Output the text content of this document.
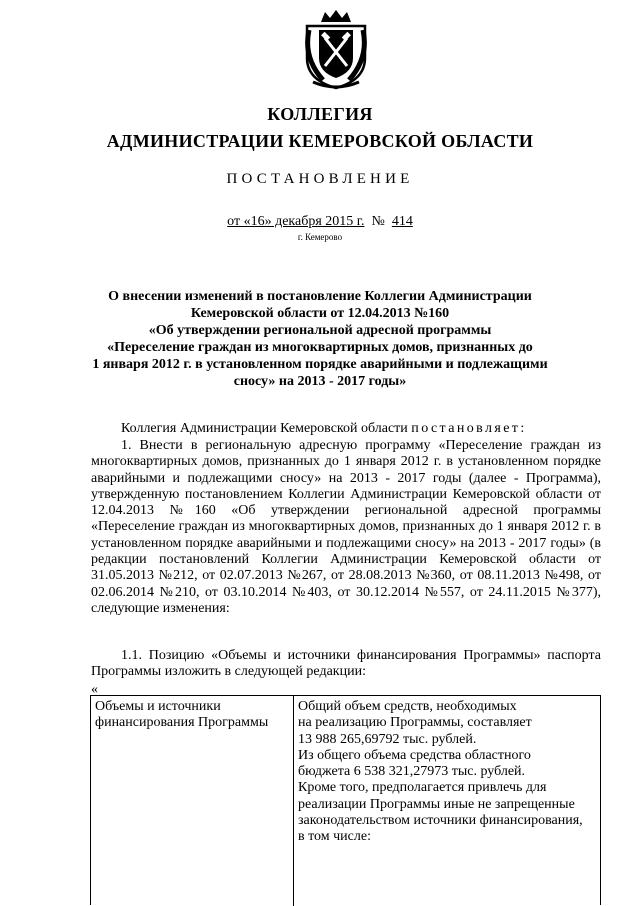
КОЛЛЕГИЯ
АДМИНИСТРАЦИИ КЕМЕРОВСКОЙ ОБЛАСТИ
ПОСТАНОВЛЕНИЕ
от «16» декабря 2015 г. № 414
г. Кемерово
О внесении изменений в постановление Коллегии Администрации
Кемеровской области от 12.04.2013 №160
«Об утверждении региональной адресной программы
«Переселение граждан из многоквартирных домов, признанных до
1 января 2012 г. в установленном порядке аварийными и подлежащими
сносу» на 2013 - 2017 годы»
Коллегия Администрации Кемеровской области постановляет:
1. Внести в региональную адресную программу «Переселение граждан из многоквартирных домов, признанных до 1 января 2012 г. в установленном порядке аварийными и подлежащими сносу» на 2013 - 2017 годы (далее - Программа), утвержденную постановлением Коллегии Администрации Кемеровской области от 12.04.2013 №160 «Об утверждении региональной адресной программы «Переселение граждан из многоквартирных домов, признанных до 1 января 2012 г. в установленном порядке аварийными и подлежащими сносу» на 2013 - 2017 годы» (в редакции постановлений Коллегии Администрации Кемеровской области от 31.05.2013 №212, от 02.07.2013 №267, от 28.08.2013 №360, от 08.11.2013 №498, от 02.06.2014 №210, от 03.10.2014 №403, от 30.12.2014 №557, от 24.11.2015 №377), следующие изменения:
1.1. Позицию «Объемы и источники финансирования Программы» паспорта Программы изложить в следующей редакции:
«
Объемы и источники
финансирования Программы
Общий объем средств, необходимых
на реализацию Программы, составляет
13 988 265,69792 тыс. рублей.
Из общего объема средства областного
бюджета 6 538 321,27973 тыс. рублей.
Кроме того, предполагается привлечь для
реализации Программы иные не запрещенные
законодательством источники финансирования,
в том числе:
